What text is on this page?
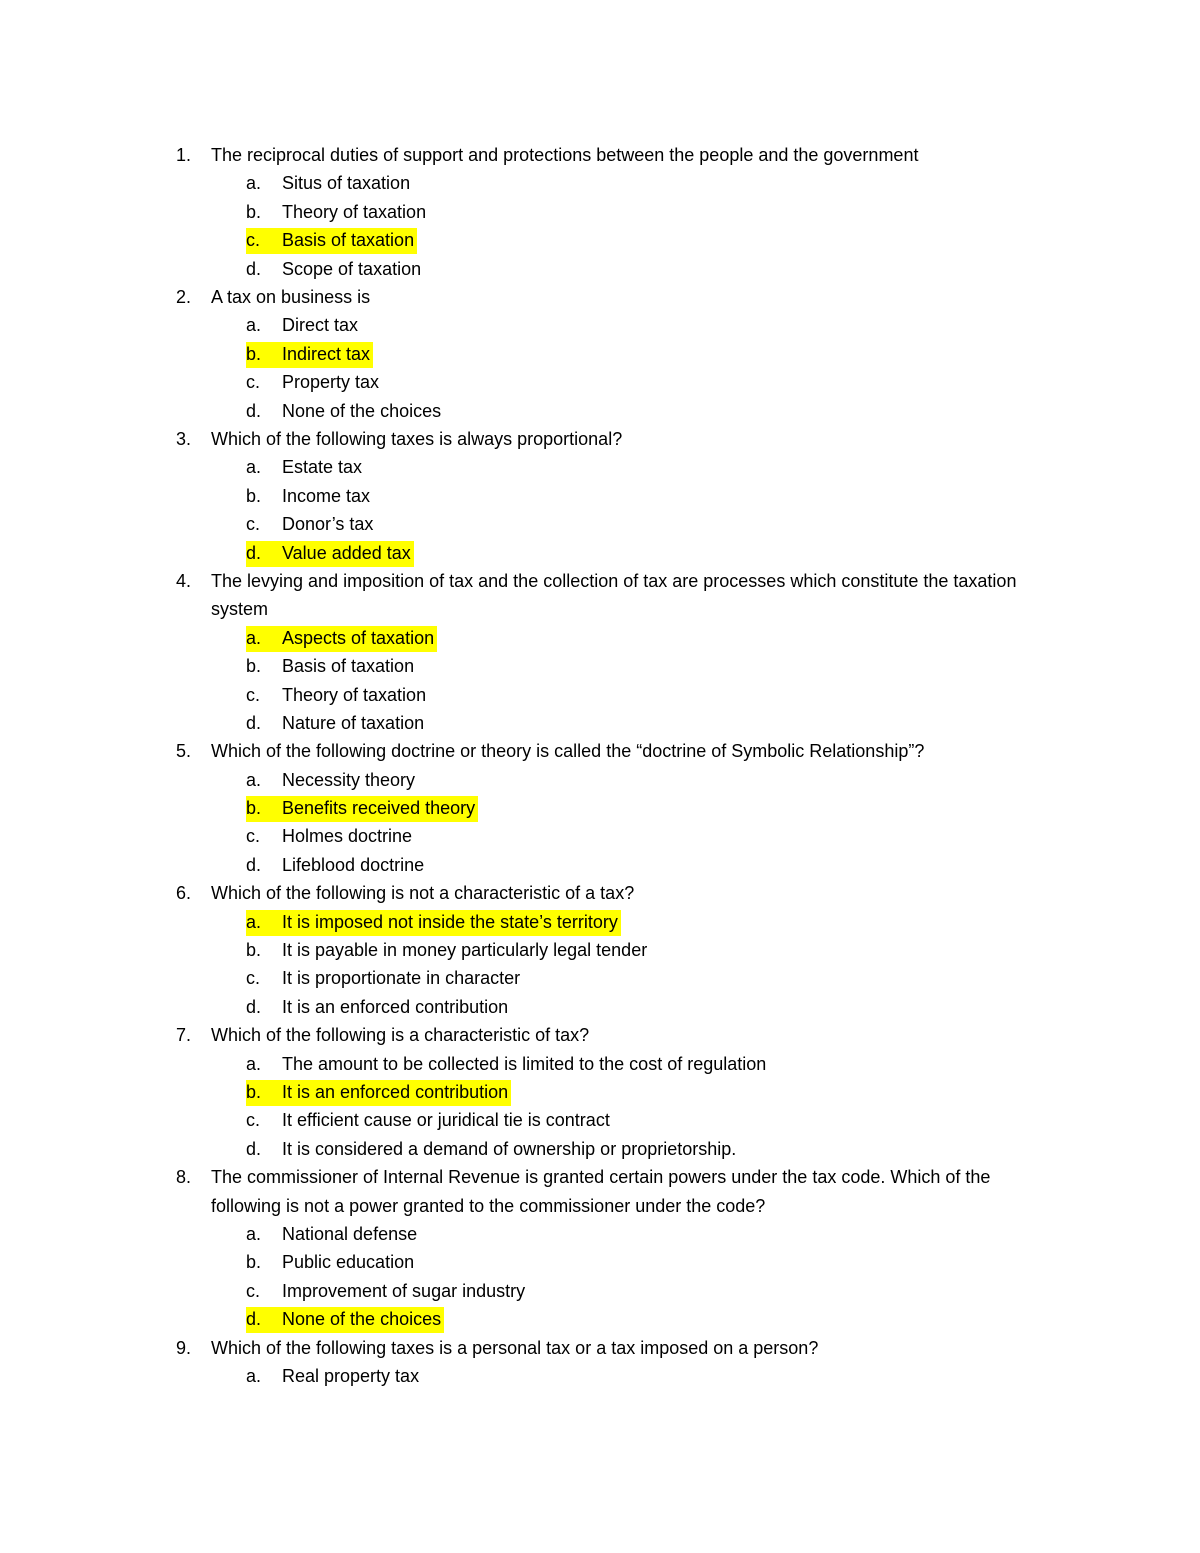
1. The reciprocal duties of support and protections between the people and the government
a. Situs of taxation
b. Theory of taxation
c. Basis of taxation
d. Scope of taxation
2. A tax on business is
a. Direct tax
b. Indirect tax
c. Property tax
d. None of the choices
3. Which of the following taxes is always proportional?
a. Estate tax
b. Income tax
c. Donor’s tax
d. Value added tax
4. The levying and imposition of tax and the collection of tax are processes which constitute the taxation system
a. Aspects of taxation
b. Basis of taxation
c. Theory of taxation
d. Nature of taxation
5. Which of the following doctrine or theory is called the “doctrine of Symbolic Relationship”?
a. Necessity theory
b. Benefits received theory
c. Holmes doctrine
d. Lifeblood doctrine
6. Which of the following is not a characteristic of a tax?
a. It is imposed not inside the state’s territory
b. It is payable in money particularly legal tender
c. It is proportionate in character
d. It is an enforced contribution
7. Which of the following is a characteristic of tax?
a. The amount to be collected is limited to the cost of regulation
b. It is an enforced contribution
c. It efficient cause or juridical tie is contract
d. It is considered a demand of ownership or proprietorship.
8. The commissioner of Internal Revenue is granted certain powers under the tax code. Which of the following is not a power granted to the commissioner under the code?
a. National defense
b. Public education
c. Improvement of sugar industry
d. None of the choices
9. Which of the following taxes is a personal tax or a tax imposed on a person?
a. Real property tax
